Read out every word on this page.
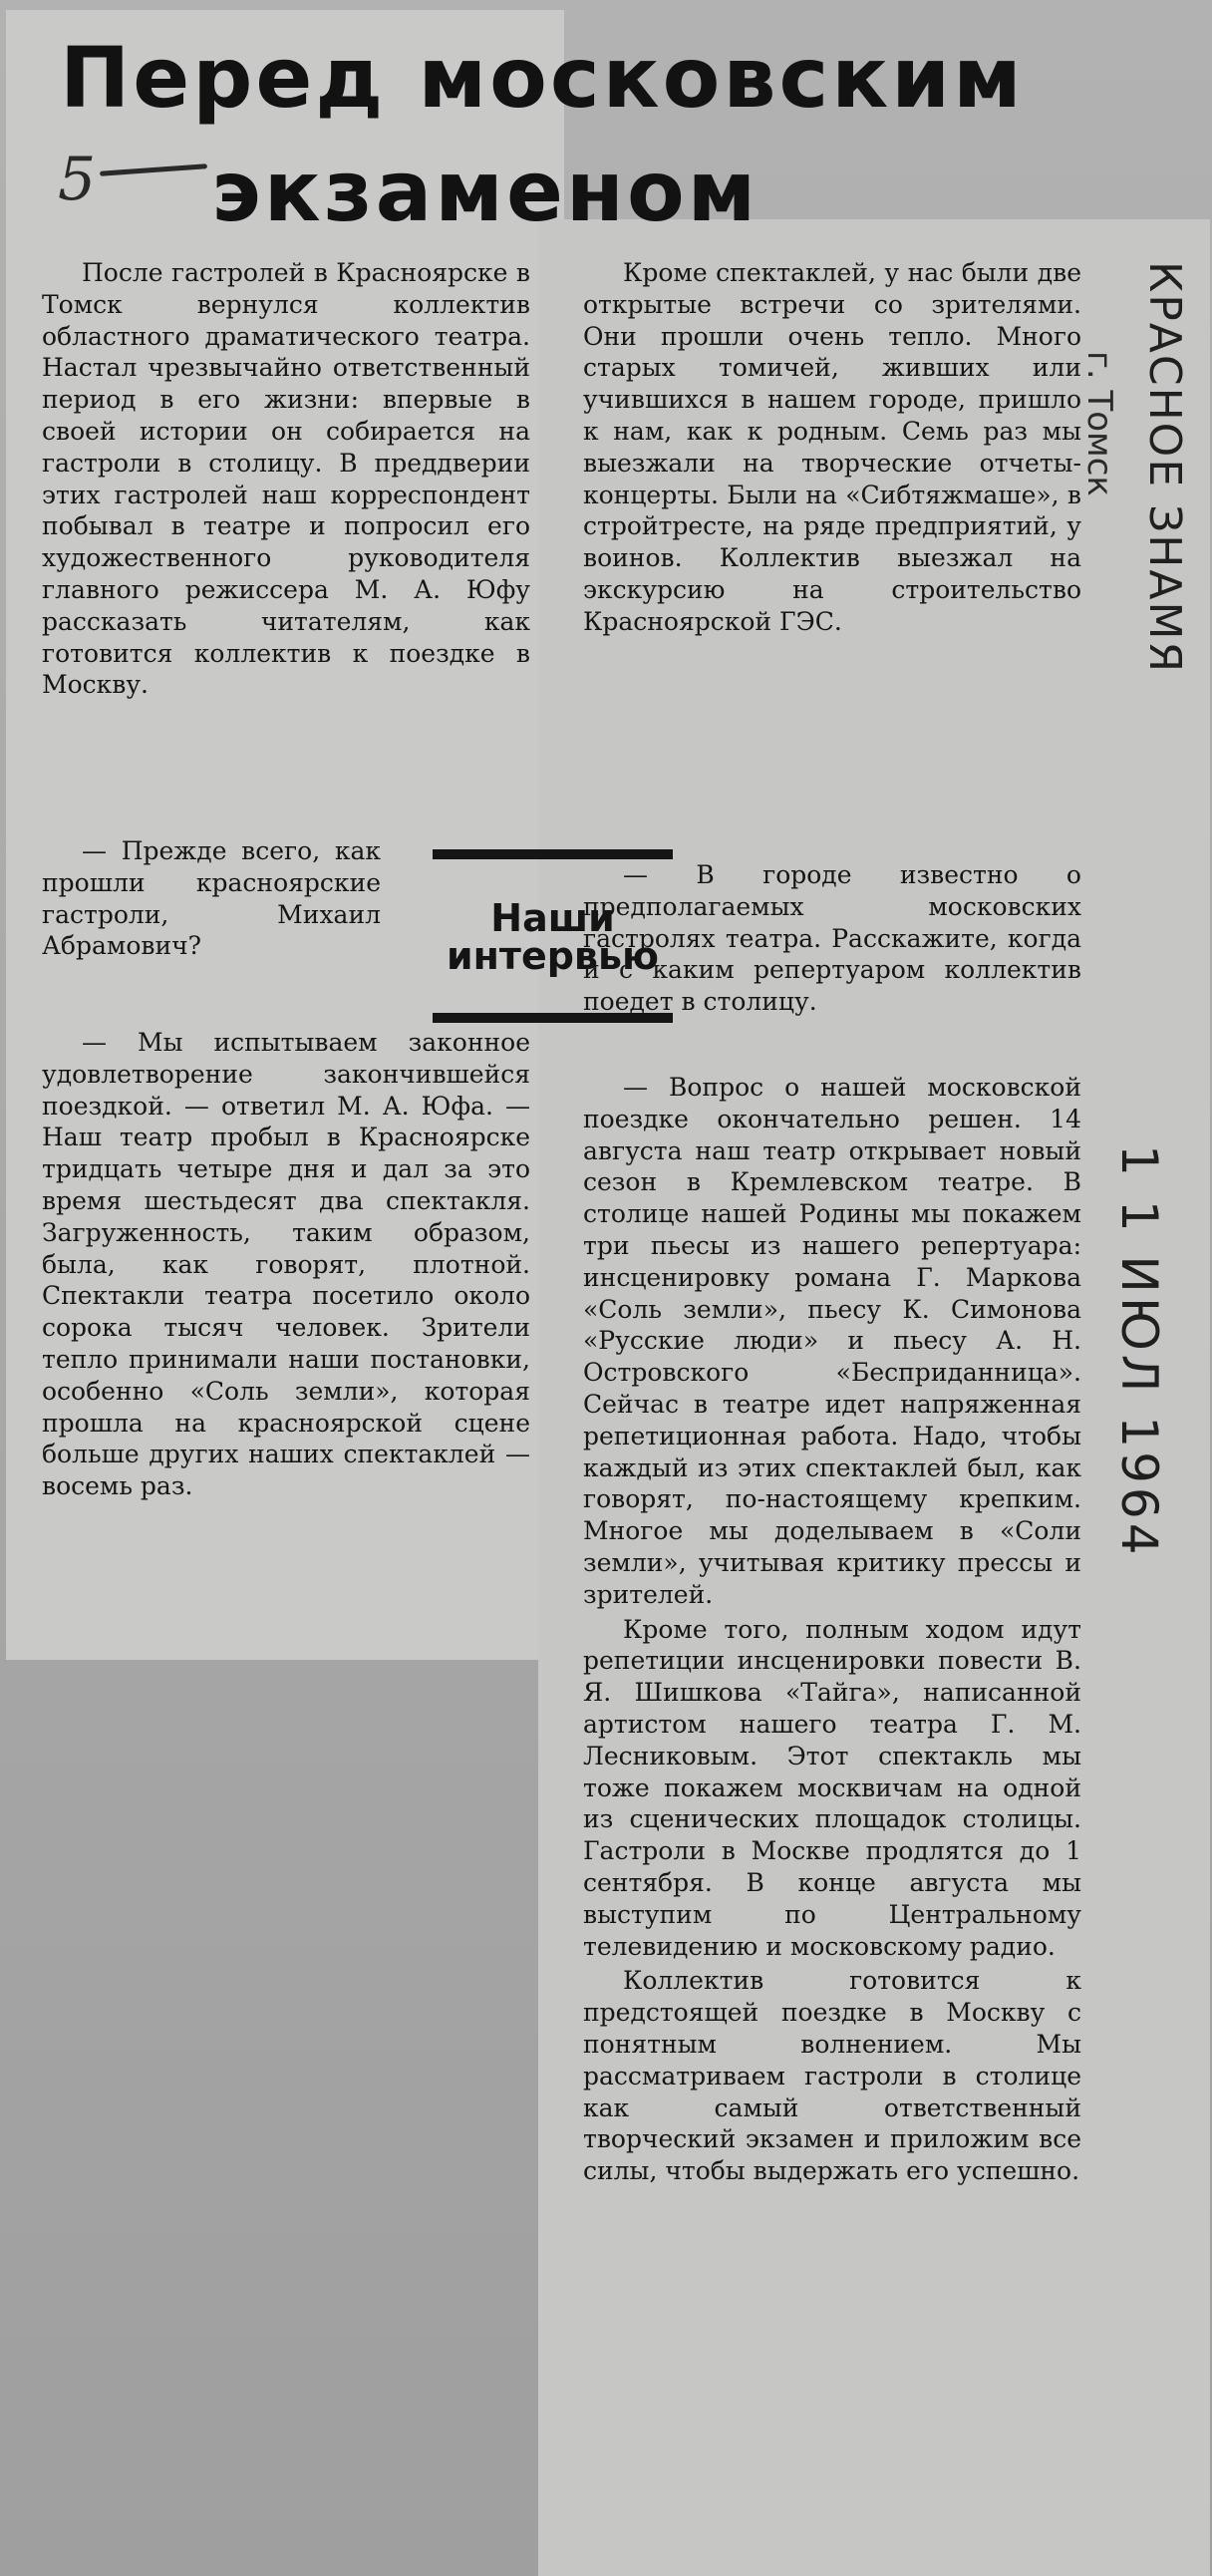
Перед московским
экзаменом
5
КРАСНОЕ ЗНАМЯ
г. Томск
1 1 ИЮЛ 1964

После гастролей в Красноярске в Томск вернулся коллектив областного драматического театра. Настал чрезвычайно ответственный период в его жизни: впервые в своей истории он собирается на гастроли в столицу. В преддверии этих гастролей наш корреспондент побывал в театре и попросил его художественного руководителя главного режиссера М. А. Юфу рассказать читателям, как готовится коллектив к поездке в Москву.

— Прежде всего, как прошли красноярские гастроли, Михаил Абрамович?

Наши интервью

— Мы испытываем законное удовлетворение закончившейся поездкой. — ответил М. А. Юфа. — Наш театр пробыл в Красноярске тридцать четыре дня и дал за это время шестьдесят два спектакля. Загруженность, таким образом, была, как говорят, плотной. Спектакли театра посетило около сорока тысяч человек. Зрители тепло принимали наши постановки, особенно «Соль земли», которая прошла на красноярской сцене больше других наших спектаклей — восемь раз.

Кроме спектаклей, у нас были две открытые встречи со зрителями. Они прошли очень тепло. Много старых томичей, живших или учившихся в нашем городе, пришло к нам, как к родным. Семь раз мы выезжали на творческие отчеты-концерты. Были на «Сибтяжмаше», в стройтресте, на ряде предприятий, у воинов. Коллектив выезжал на экскурсию на строительство Красноярской ГЭС.

— В городе известно о предполагаемых московских гастролях театра. Расскажите, когда и с каким репертуаром коллектив поедет в столицу.

— Вопрос о нашей московской поездке окончательно решен. 14 августа наш театр открывает новый сезон в Кремлевском театре. В столице нашей Родины мы покажем три пьесы из нашего репертуара: инсценировку романа Г. Маркова «Соль земли», пьесу К. Симонова «Русские люди» и пьесу А. Н. Островского «Бесприданница». Сейчас в театре идет напряженная репетиционная работа. Надо, чтобы каждый из этих спектаклей был, как говорят, по-настоящему крепким. Многое мы доделываем в «Соли земли», учитывая критику прессы и зрителей.

Кроме того, полным ходом идут репетиции инсценировки повести В. Я. Шишкова «Тайга», написанной артистом нашего театра Г. М. Лесниковым. Этот спектакль мы тоже покажем москвичам на одной из сценических площадок столицы. Гастроли в Москве продлятся до 1 сентября. В конце августа мы выступим по Центральному телевидению и московскому радио.

Коллектив готовится к предстоящей поездке в Москву с понятным волнением. Мы рассматриваем гастроли в столице как самый ответственный творческий экзамен и приложим все силы, чтобы выдержать его успешно.
